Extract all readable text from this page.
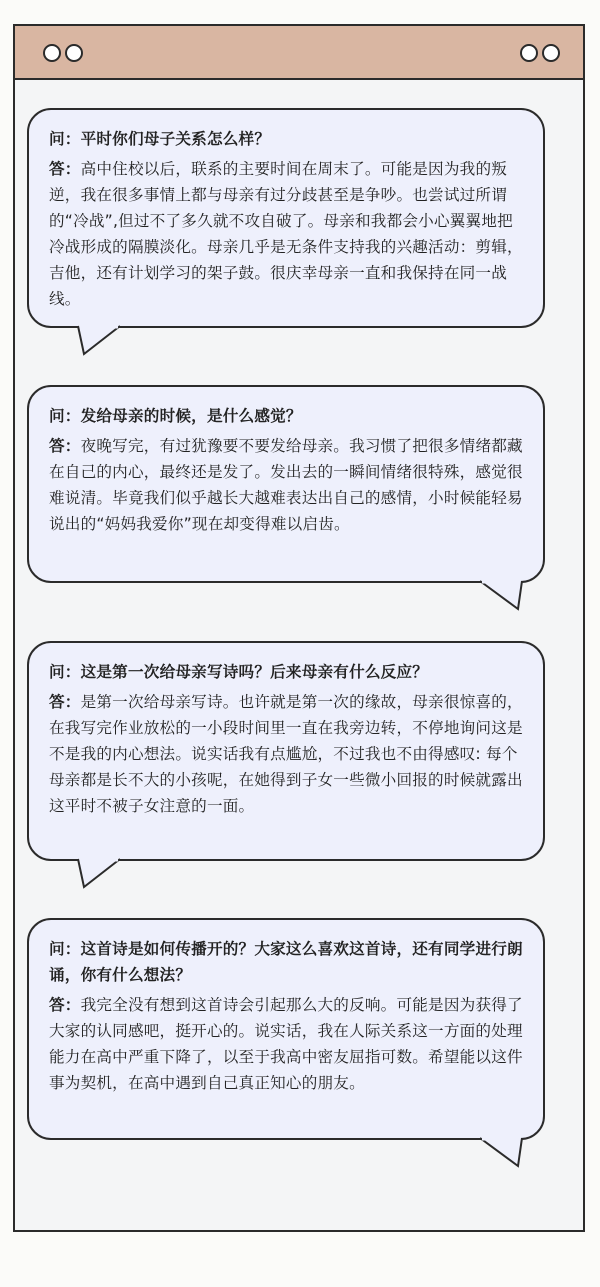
问：平时你们母子关系怎么样？
答：高中住校以后，联系的主要时间在周末了。可能是因为我的叛逆，我在很多事情上都与母亲有过分歧甚至是争吵。也尝试过所谓的“冷战”,但过不了多久就不攻自破了。母亲和我都会小心翼翼地把冷战形成的隔膜淡化。母亲几乎是无条件支持我的兴趣活动：剪辑，吉他，还有计划学习的架子鼓。很庆幸母亲一直和我保持在同一战线。
问：发给母亲的时候，是什么感觉？
答：夜晚写完，有过犹豫要不要发给母亲。我习惯了把很多情绪都藏在自己的内心，最终还是发了。发出去的一瞬间情绪很特殊，感觉很难说清。毕竟我们似乎越长大越难表达出自己的感情，小时候能轻易说出的“妈妈我爱你”现在却变得难以启齿。
问：这是第一次给母亲写诗吗？后来母亲有什么反应？
答：是第一次给母亲写诗。也许就是第一次的缘故，母亲很惊喜的，在我写完作业放松的一小段时间里一直在我旁边转，不停地询问这是不是我的内心想法。说实话我有点尴尬，不过我也不由得感叹: 每个母亲都是长不大的小孩呢，在她得到子女一些微小回报的时候就露出这平时不被子女注意的一面。
问：这首诗是如何传播开的？大家这么喜欢这首诗，还有同学进行朗诵，你有什么想法？
答：我完全没有想到这首诗会引起那么大的反响。可能是因为获得了大家的认同感吧，挺开心的。说实话，我在人际关系这一方面的处理能力在高中严重下降了，以至于我高中密友屈指可数。希望能以这件事为契机，在高中遇到自己真正知心的朋友。
